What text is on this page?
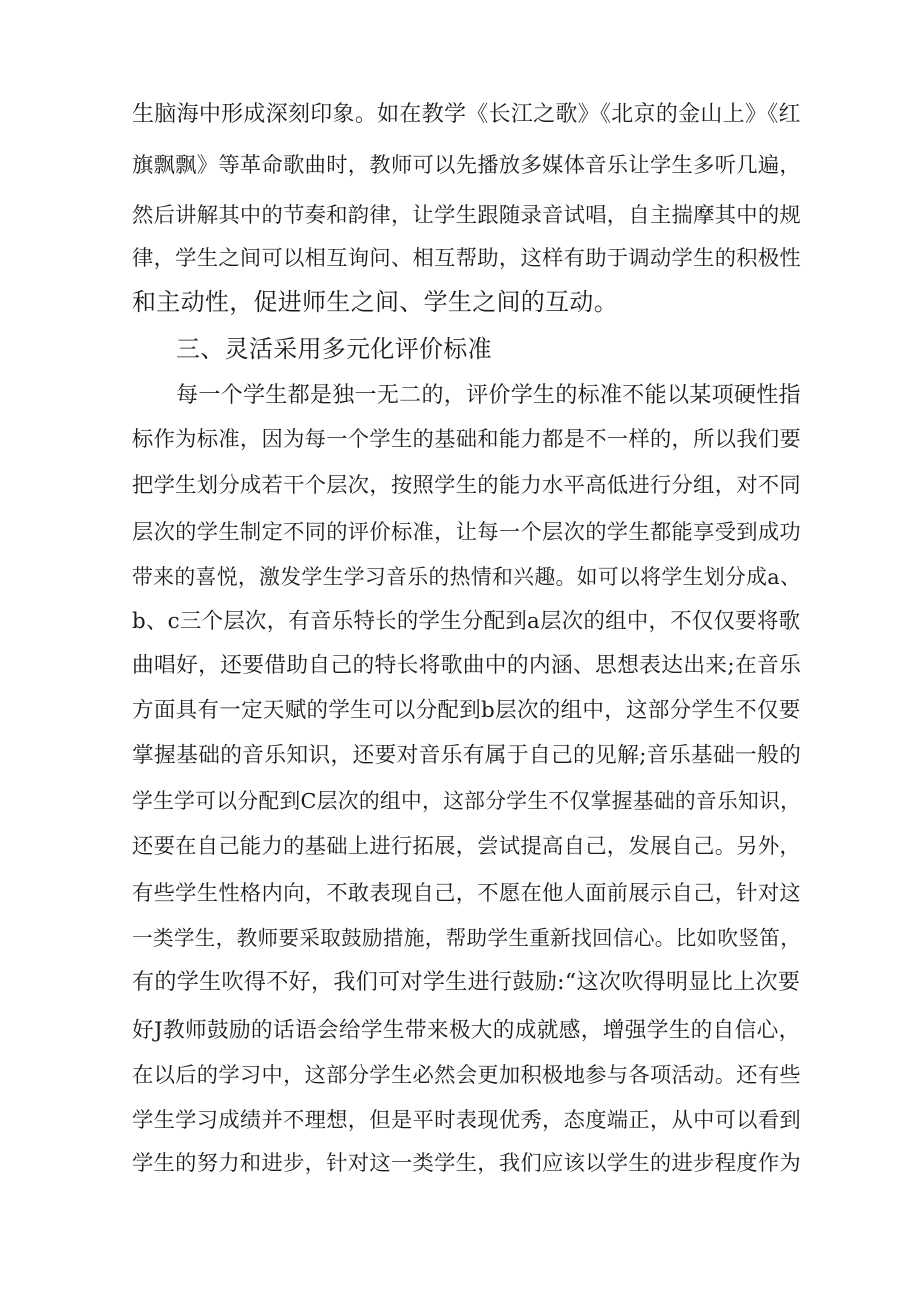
生脑海中形成深刻印象。如在教学《长江之歌》《北京的金山上》《红
旗飘飘》等革命歌曲时，教师可以先播放多媒体音乐让学生多听几遍，
然后讲解其中的节奏和韵律，让学生跟随录音试唱，自主揣摩其中的规
律，学生之间可以相互询问、相互帮助，这样有助于调动学生的积极性
和主动性，促进师生之间、学生之间的互动。
三、灵活采用多元化评价标准
每一个学生都是独一无二的，评价学生的标准不能以某项硬性指
标作为标准，因为每一个学生的基础和能力都是不一样的，所以我们要
把学生划分成若干个层次，按照学生的能力水平高低进行分组，对不同
层次的学生制定不同的评价标准，让每一个层次的学生都能享受到成功
带来的喜悦，激发学生学习音乐的热情和兴趣。如可以将学生划分成a、
b、c三个层次，有音乐特长的学生分配到a层次的组中，不仅仅要将歌
曲唱好，还要借助自己的特长将歌曲中的内涵、思想表达出来;在音乐
方面具有一定天赋的学生可以分配到b层次的组中，这部分学生不仅要
掌握基础的音乐知识，还要对音乐有属于自己的见解;音乐基础一般的
学生学可以分配到C层次的组中，这部分学生不仅掌握基础的音乐知识，
还要在自己能力的基础上进行拓展，尝试提高自己，发展自己。另外，
有些学生性格内向，不敢表现自己，不愿在他人面前展示自己，针对这
一类学生，教师要采取鼓励措施，帮助学生重新找回信心。比如吹竖笛，
有的学生吹得不好，我们可对学生进行鼓励:“这次吹得明显比上次要
好J教师鼓励的话语会给学生带来极大的成就感，增强学生的自信心，
在以后的学习中，这部分学生必然会更加积极地参与各项活动。还有些
学生学习成绩并不理想，但是平时表现优秀，态度端正，从中可以看到
学生的努力和进步，针对这一类学生，我们应该以学生的进步程度作为
